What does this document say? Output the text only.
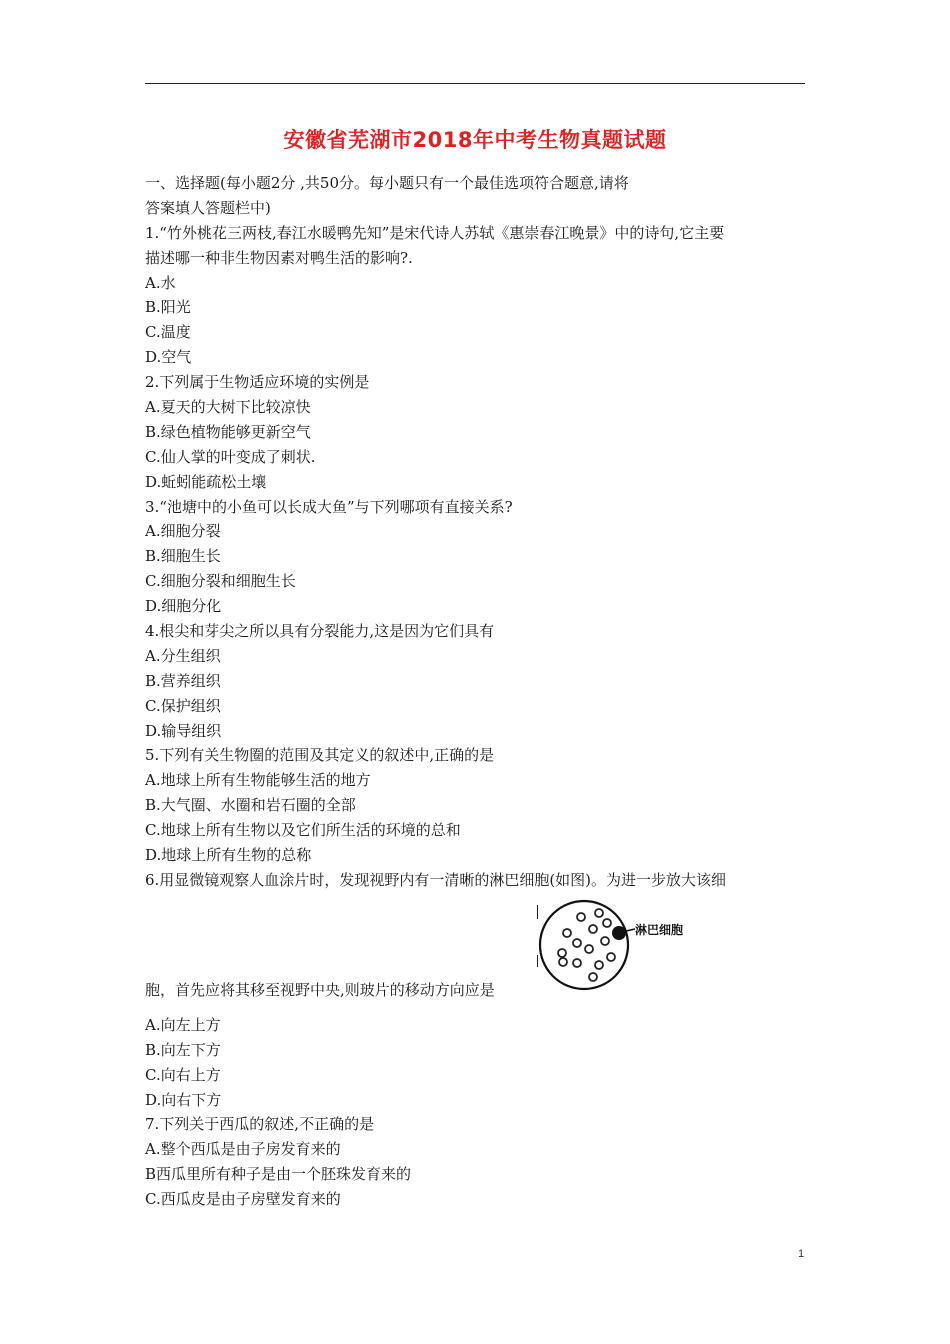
安徽省芜湖市2018年中考生物真题试题
一、选择题(每小题2分 ,共50分。每小题只有一个最佳选项符合题意,请将
答案填人答题栏中)
1.“竹外桃花三两枝,春江水暖鸭先知”是宋代诗人苏轼《惠崇春江晚景》中的诗句,它主要
描述哪一种非生物因素对鸭生活的影响?.
A.水
B.阳光
C.温度
D.空气
2.下列属于生物适应环境的实例是
A.夏天的大树下比较凉快
B.绿色植物能够更新空气
C.仙人掌的叶变成了刺状.
D.蚯蚓能疏松土壤
3.“池塘中的小鱼可以长成大鱼”与下列哪项有直接关系?
A.细胞分裂
B.细胞生长
C.细胞分裂和细胞生长
D.细胞分化
4.根尖和芽尖之所以具有分裂能力,这是因为它们具有
A.分生组织
B.营养组织
C.保护组织
D.输导组织
5.下列有关生物圈的范围及其定义的叙述中,正确的是
A.地球上所有生物能够生活的地方
B.大气圈、水圈和岩石圈的全部
C.地球上所有生物以及它们所生活的环境的总和
D.地球上所有生物的总称
6.用显微镜观察人血涂片时，发现视野内有一清晰的淋巴细胞(如图)。为进一步放大该细
淋巴细胞
胞，首先应将其移至视野中央,则玻片的移动方向应是
A.向左上方
B.向左下方
C.向右上方
D.向右下方
7.下列关于西瓜的叙述,不正确的是
A.整个西瓜是由子房发育来的
B西瓜里所有种子是由一个胚珠发育来的
C.西瓜皮是由子房壁发育来的
1
